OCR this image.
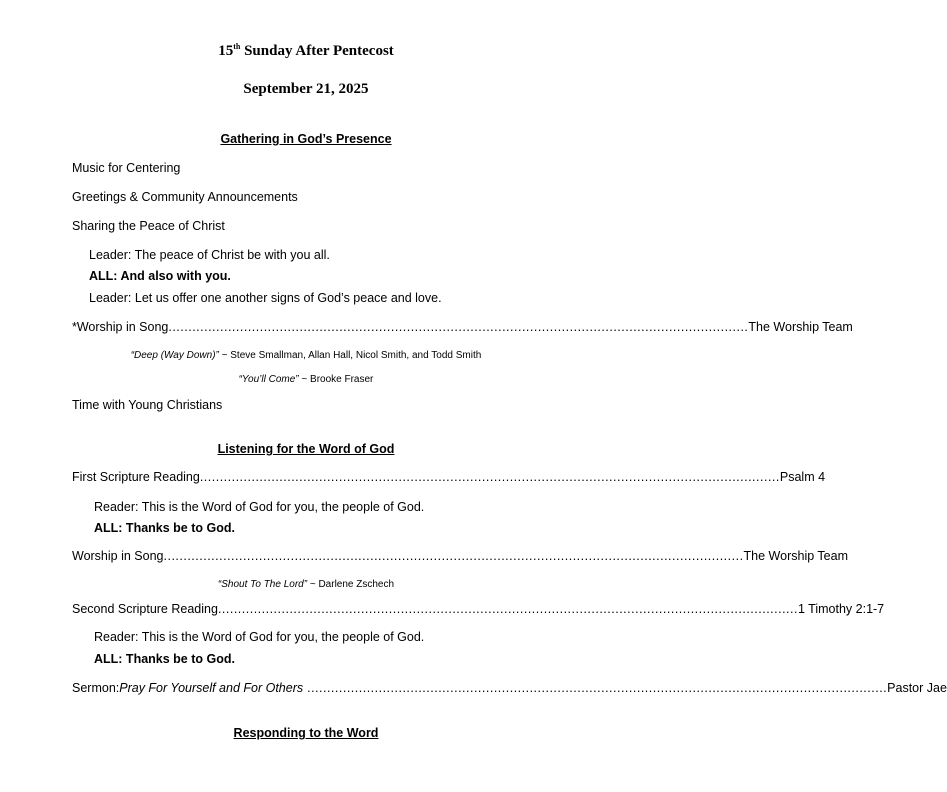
15th Sunday After Pentecost
September 21, 2025
Gathering in God’s Presence
Music for Centering
Greetings & Community Announcements
Sharing the Peace of Christ
Leader: The peace of Christ be with you all.
ALL: And also with you.
Leader: Let us offer one another signs of God’s peace and love.
*Worship in Song .................................................................................................................................................. The Worship Team
“Deep (Way Down)” ~ Steve Smallman, Allan Hall, Nicol Smith, and Todd Smith
“You’ll Come” ~ Brooke Fraser
Time with Young Christians
Listening for the Word of God
First Scripture Reading .................................................................................................................................................. Psalm 4
Reader: This is the Word of God for you, the people of God.
ALL: Thanks be to God.
Worship in Song .................................................................................................................................................. The Worship Team
“Shout To The Lord” ~ Darlene Zschech
Second Scripture Reading .................................................................................................................................................. 1 Timothy 2:1-7
Reader: This is the Word of God for you, the people of God.
ALL: Thanks be to God.
Sermon: Pray For Yourself and For Others .................................................................................................................................................. Pastor Jae
Responding to the Word
